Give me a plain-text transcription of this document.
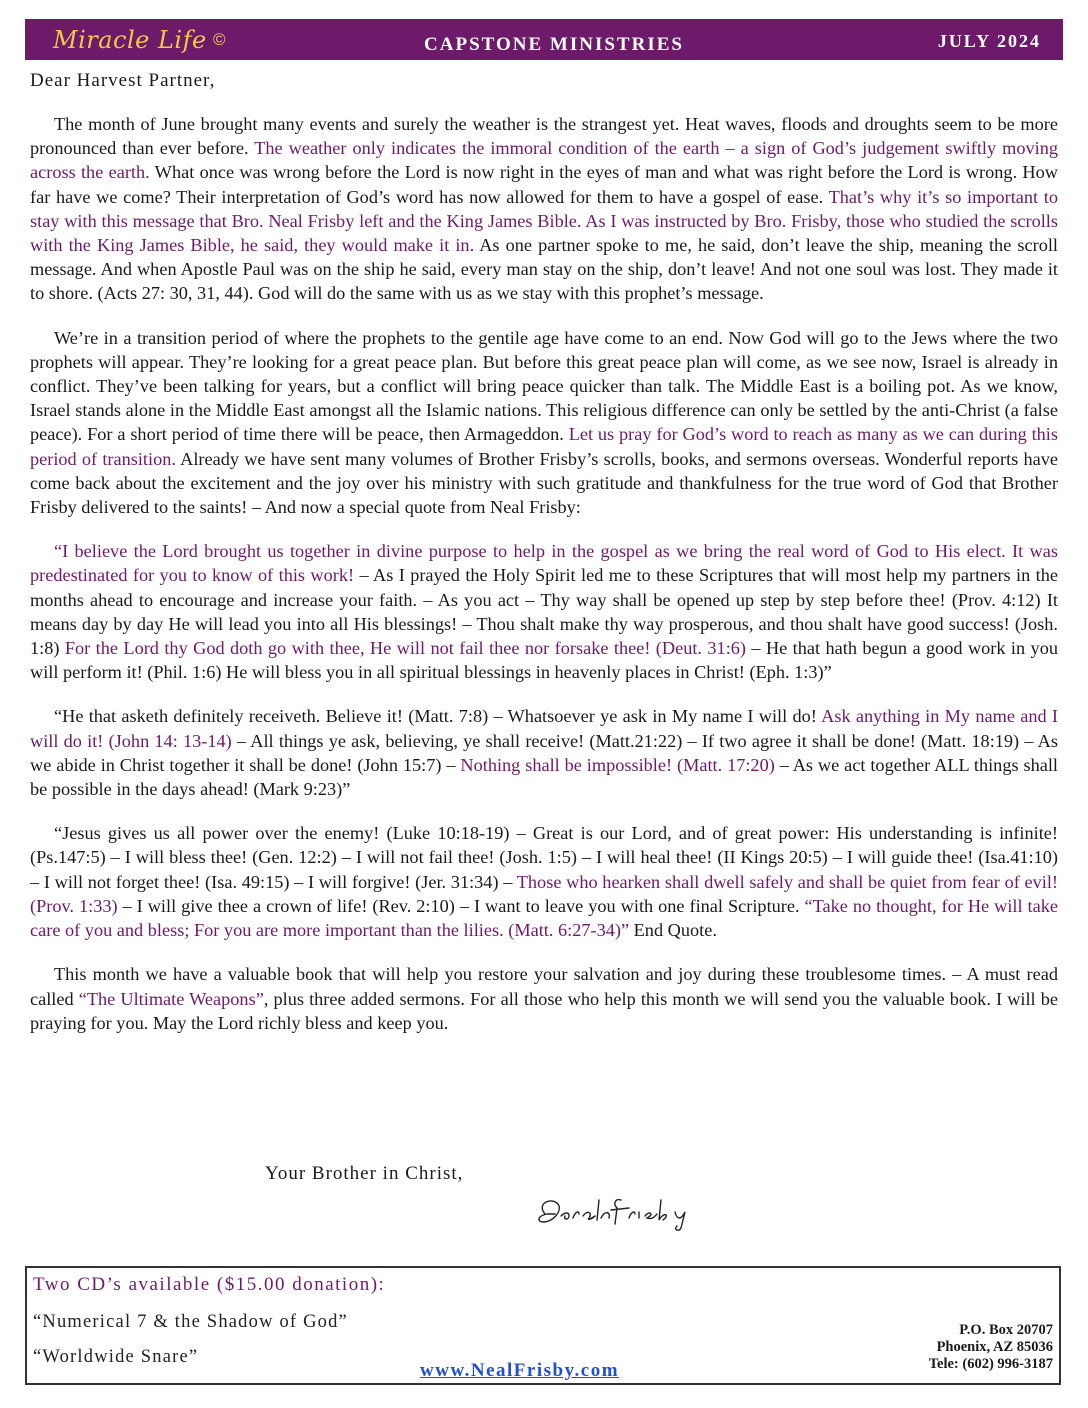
Miracle Life ©	CAPSTONE MINISTRIES	JULY 2024
Dear Harvest Partner,

The month of June brought many events and surely the weather is the strangest yet. Heat waves, floods and droughts seem to be more pronounced than ever before. The weather only indicates the immoral condition of the earth – a sign of God’s judgement swiftly moving across the earth. What once was wrong before the Lord is now right in the eyes of man and what was right before the Lord is wrong. How far have we come? Their interpretation of God’s word has now allowed for them to have a gospel of ease. That’s why it’s so important to stay with this message that Bro. Neal Frisby left and the King James Bible. As I was instructed by Bro. Frisby, those who studied the scrolls with the King James Bible, he said, they would make it in. As one partner spoke to me, he said, don’t leave the ship, meaning the scroll message. And when Apostle Paul was on the ship he said, every man stay on the ship, don’t leave! And not one soul was lost. They made it to shore. (Acts 27: 30, 31, 44). God will do the same with us as we stay with this prophet’s message.

We’re in a transition period of where the prophets to the gentile age have come to an end. Now God will go to the Jews where the two prophets will appear. They’re looking for a great peace plan. But before this great peace plan will come, as we see now, Israel is already in conflict. They’ve been talking for years, but a conflict will bring peace quicker than talk. The Middle East is a boiling pot. As we know, Israel stands alone in the Middle East amongst all the Islamic nations. This religious difference can only be settled by the anti-Christ (a false peace). For a short period of time there will be peace, then Armageddon. Let us pray for God’s word to reach as many as we can during this period of transition. Already we have sent many volumes of Brother Frisby’s scrolls, books, and sermons overseas. Wonderful reports have come back about the excitement and the joy over his ministry with such gratitude and thankfulness for the true word of God that Brother Frisby delivered to the saints! – And now a special quote from Neal Frisby:

“I believe the Lord brought us together in divine purpose to help in the gospel as we bring the real word of God to His elect. It was predestinated for you to know of this work! – As I prayed the Holy Spirit led me to these Scriptures that will most help my partners in the months ahead to encourage and increase your faith. – As you act – Thy way shall be opened up step by step before thee! (Prov. 4:12) It means day by day He will lead you into all His blessings! – Thou shalt make thy way prosperous, and thou shalt have good success! (Josh. 1:8) For the Lord thy God doth go with thee, He will not fail thee nor forsake thee! (Deut. 31:6) – He that hath begun a good work in you will perform it! (Phil. 1:6) He will bless you in all spiritual blessings in heavenly places in Christ! (Eph. 1:3)”

“He that asketh definitely receiveth. Believe it! (Matt. 7:8) – Whatsoever ye ask in My name I will do! Ask anything in My name and I will do it! (John 14: 13-14) – All things ye ask, believing, ye shall receive! (Matt.21:22) – If two agree it shall be done! (Matt. 18:19) – As we abide in Christ together it shall be done! (John 15:7) – Nothing shall be impossible! (Matt. 17:20) – As we act together ALL things shall be possible in the days ahead! (Mark 9:23)”

“Jesus gives us all power over the enemy! (Luke 10:18-19) – Great is our Lord, and of great power: His understanding is infinite! (Ps.147:5) – I will bless thee! (Gen. 12:2) – I will not fail thee! (Josh. 1:5) – I will heal thee! (II Kings 20:5) – I will guide thee! (Isa.41:10) – I will not forget thee! (Isa. 49:15) – I will forgive! (Jer. 31:34) – Those who hearken shall dwell safely and shall be quiet from fear of evil! (Prov. 1:33) – I will give thee a crown of life! (Rev. 2:10) – I want to leave you with one final Scripture. “Take no thought, for He will take care of you and bless; For you are more important than the lilies. (Matt. 6:27-34)” End Quote.

This month we have a valuable book that will help you restore your salvation and joy during these troublesome times. – A must read called “The Ultimate Weapons”, plus three added sermons. For all those who help this month we will send you the valuable book. I will be praying for you. May the Lord richly bless and keep you.

Your Brother in Christ,
Two CD’s available ($15.00 donation):
“Numerical 7 & the Shadow of God”
“Worldwide Snare”
www.NealFrisby.com
P.O. Box 20707
Phoenix, AZ 85036
Tele: (602) 996-3187
